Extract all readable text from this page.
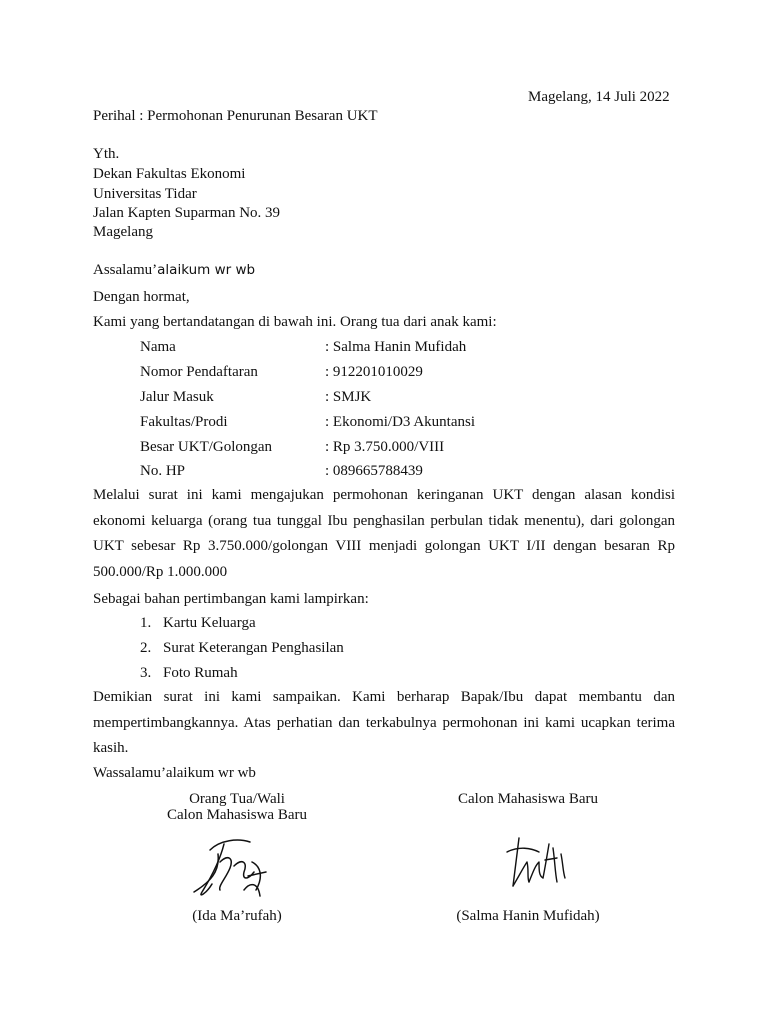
Magelang, 14 Juli 2022
Perihal : Permohonan Penurunan Besaran UKT
Yth.
Dekan Fakultas Ekonomi
Universitas Tidar
Jalan Kapten Suparman No. 39
Magelang
Assalamu’alaikum wr wb
Dengan hormat,
Kami yang bertandatangan di bawah ini. Orang tua dari anak kami:
Nama	: Salma Hanin Mufidah
Nomor Pendaftaran	: 912201010029
Jalur Masuk	: SMJK
Fakultas/Prodi	: Ekonomi/D3 Akuntansi
Besar UKT/Golongan	: Rp 3.750.000/VIII
No. HP	: 089665788439
Melalui surat ini kami mengajukan permohonan keringanan UKT dengan alasan kondisi ekonomi keluarga (orang tua tunggal Ibu penghasilan perbulan tidak menentu), dari golongan UKT sebesar Rp 3.750.000/golongan VIII menjadi golongan UKT I/II dengan besaran Rp 500.000/Rp 1.000.000
Sebagai bahan pertimbangan kami lampirkan:
1. Kartu Keluarga
2. Surat Keterangan Penghasilan
3. Foto Rumah
Demikian surat ini kami sampaikan. Kami berharap Bapak/Ibu dapat membantu dan mempertimbangkannya. Atas perhatian dan terkabulnya permohonan ini kami ucapkan terima kasih.
Wassalamu’alaikum wr wb
Orang Tua/Wali
Calon Mahasiswa Baru
Calon Mahasiswa Baru
(Ida Ma’rufah)	(Salma Hanin Mufidah)
